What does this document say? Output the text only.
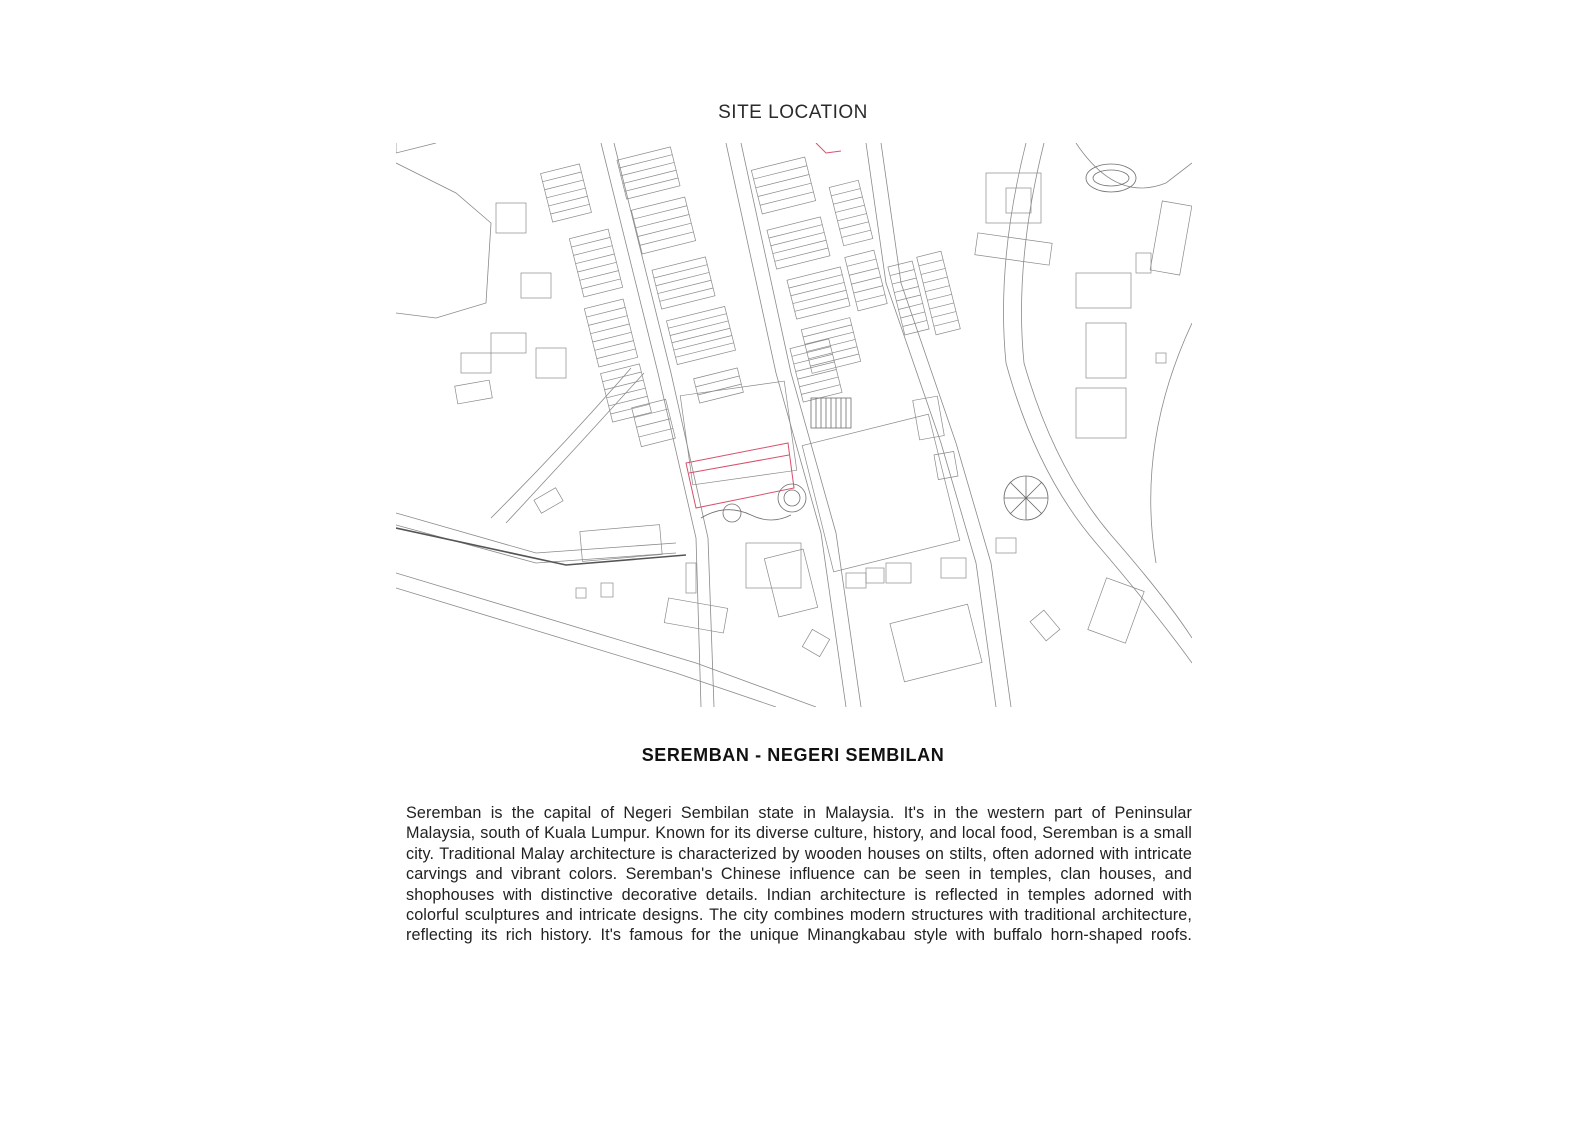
SITE LOCATION
SEREMBAN - NEGERI SEMBILAN

Seremban is the capital of Negeri Sembilan state in Malaysia. It's in the western part of Peninsular Malaysia, south of Kuala Lumpur. Known for its diverse culture, history, and local food, Seremban is a small city. Traditional Malay architecture is characterized by wooden houses on stilts, often adorned with intricate carvings and vibrant colors. Seremban's Chinese influence can be seen in temples, clan houses, and shophouses with distinctive decorative details. Indian architecture is reflected in temples adorned with colorful sculptures and intricate designs. The city combines modern structures with traditional architecture, reflecting its rich history. It's famous for the unique Minangkabau style with buffalo horn-shaped roofs.
